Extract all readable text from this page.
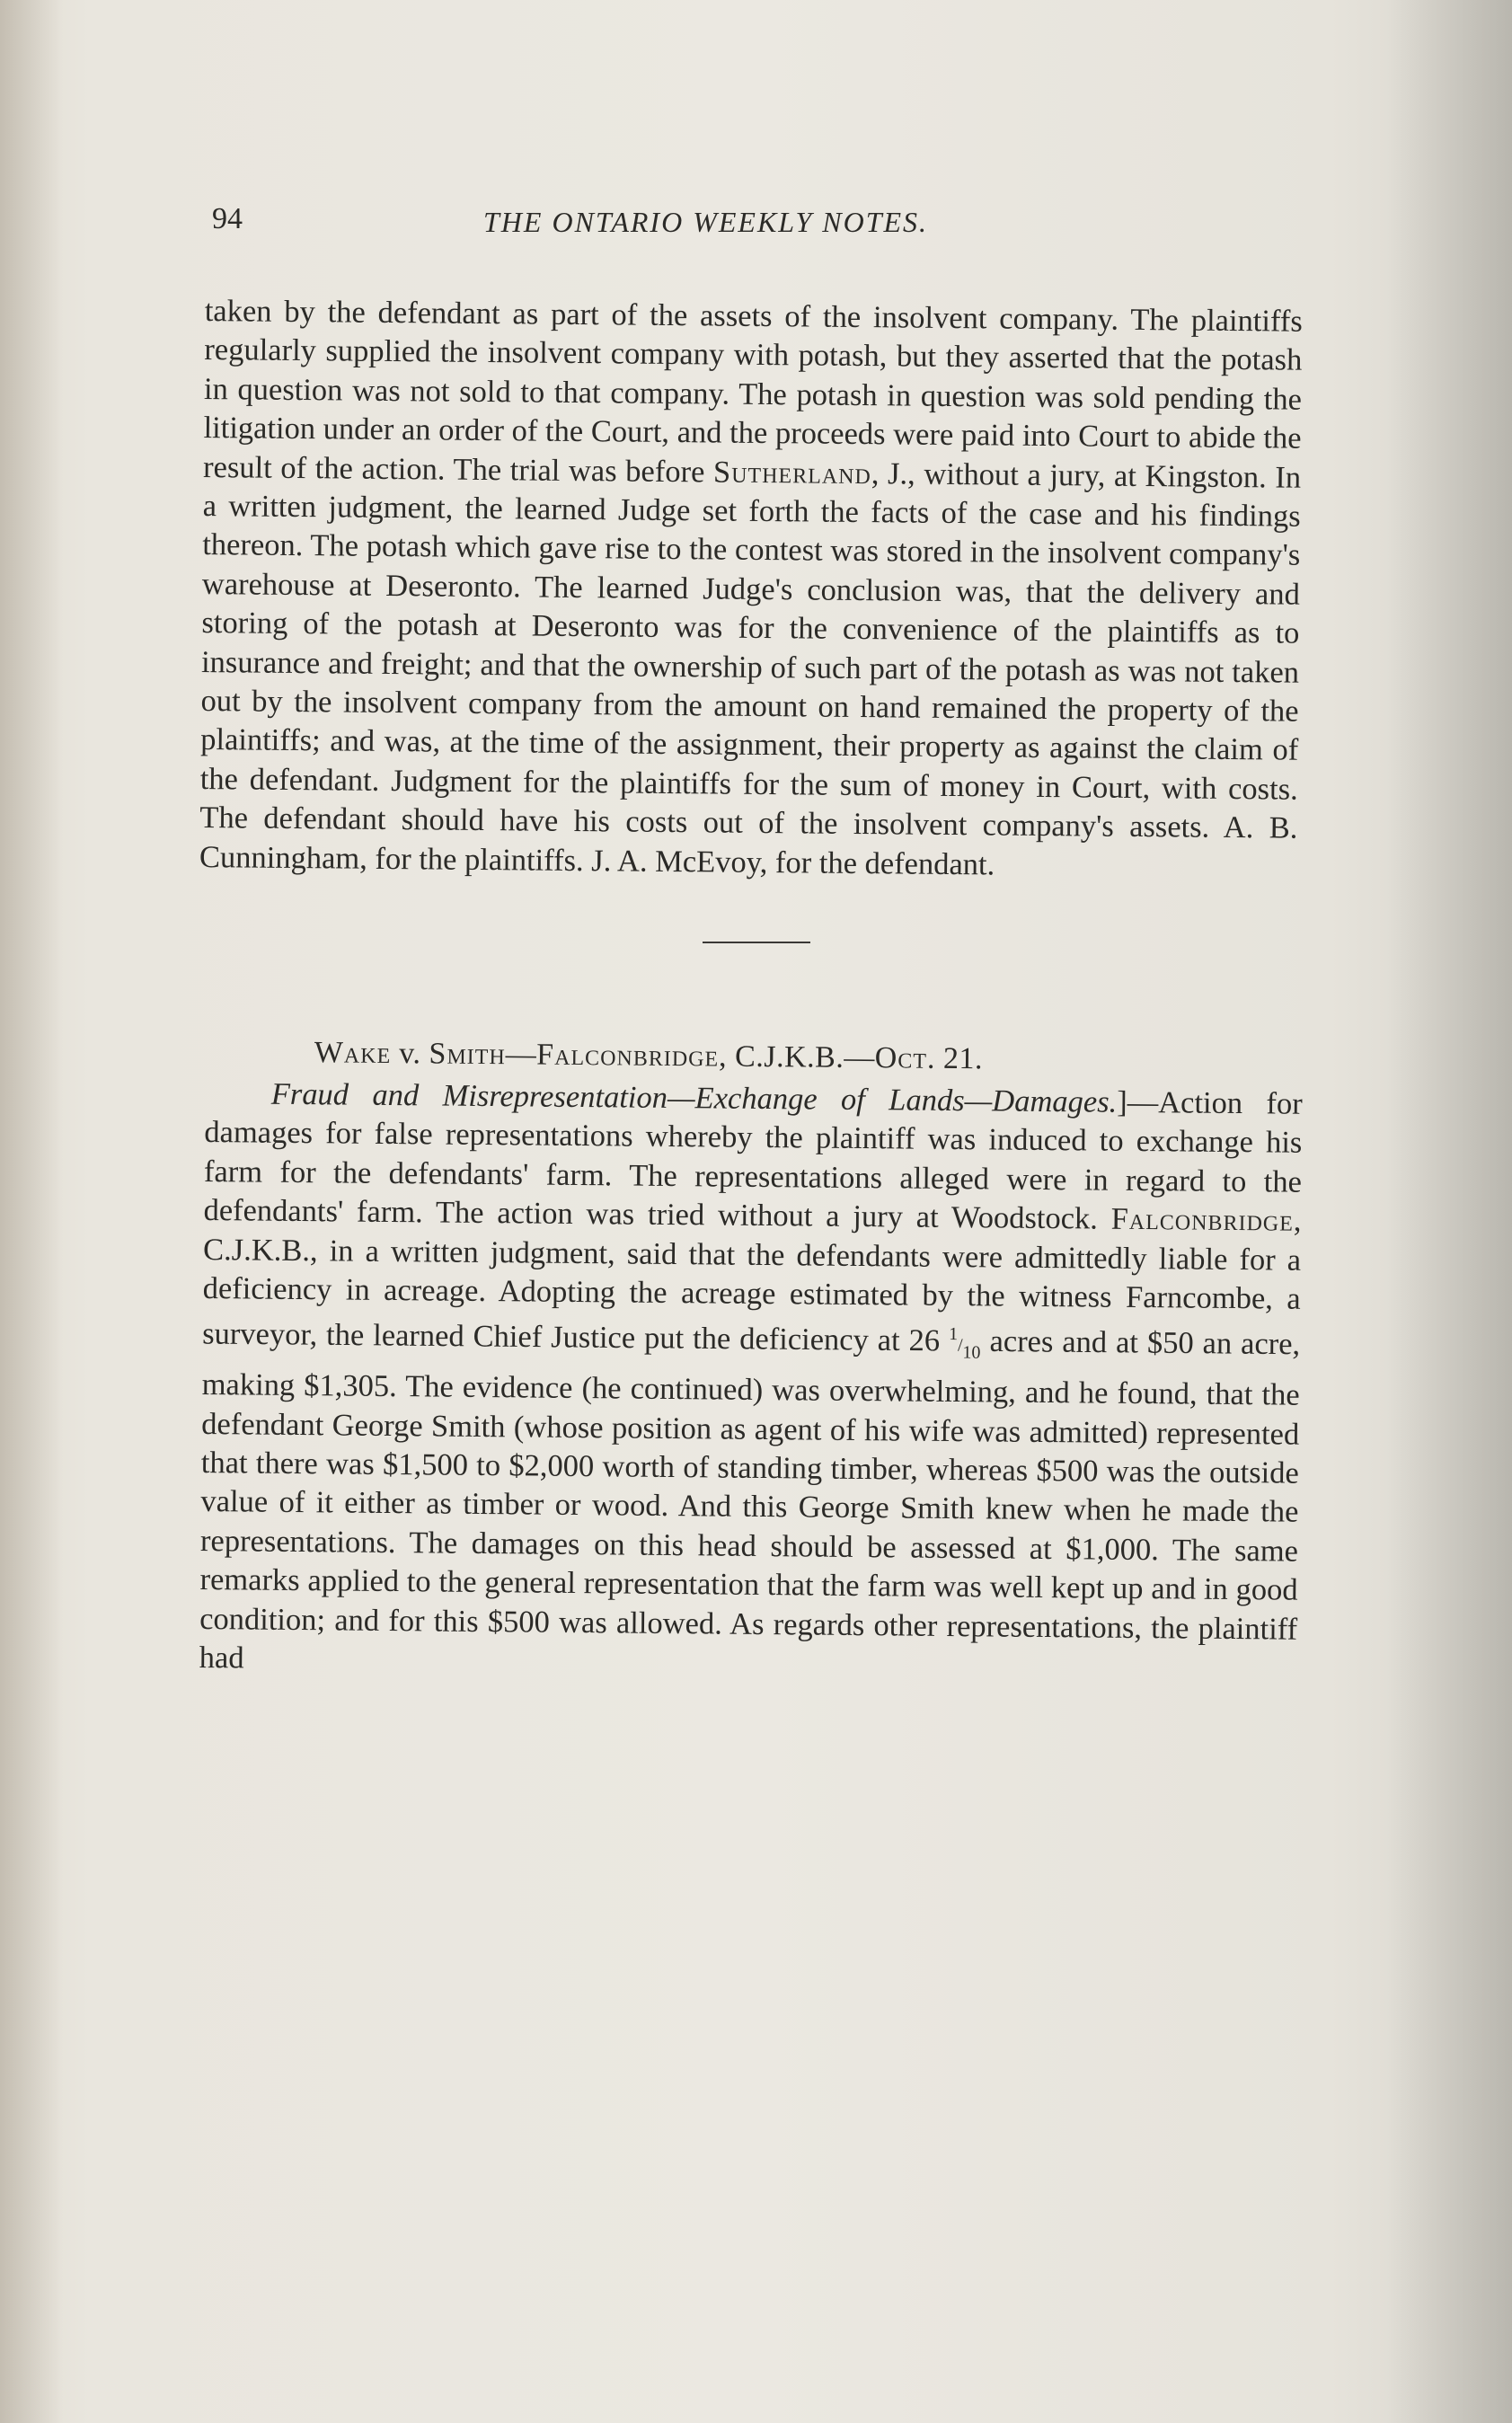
94	THE ONTARIO WEEKLY NOTES.

taken by the defendant as part of the assets of the insolvent company. The plaintiffs regularly supplied the insolvent company with potash, but they asserted that the potash in question was not sold to that company. The potash in question was sold pending the litigation under an order of the Court, and the proceeds were paid into Court to abide the result of the action. The trial was before Sutherland, J., without a jury, at Kingston. In a written judgment, the learned Judge set forth the facts of the case and his findings thereon. The potash which gave rise to the contest was stored in the insolvent company's warehouse at Deseronto. The learned Judge's conclusion was, that the delivery and storing of the potash at Deseronto was for the convenience of the plaintiffs as to insurance and freight; and that the ownership of such part of the potash as was not taken out by the insolvent company from the amount on hand remained the property of the plaintiffs; and was, at the time of the assignment, their property as against the claim of the defendant. Judgment for the plaintiffs for the sum of money in Court, with costs. The defendant should have his costs out of the insolvent company's assets. A. B. Cunningham, for the plaintiffs. J. A. McEvoy, for the defendant.

Wake v. Smith—Falconbridge, C.J.K.B.—Oct. 21.

Fraud and Misrepresentation—Exchange of Lands—Damages.]—Action for damages for false representations whereby the plaintiff was induced to exchange his farm for the defendants' farm. The representations alleged were in regard to the defendants' farm. The action was tried without a jury at Woodstock. Falconbridge, C.J.K.B., in a written judgment, said that the defendants were admittedly liable for a deficiency in acreage. Adopting the acreage estimated by the witness Farncombe, a surveyor, the learned Chief Justice put the deficiency at 26 $^1/_{10}$ acres and at $50 an acre, making $1,305. The evidence (he continued) was overwhelming, and he found, that the defendant George Smith (whose position as agent of his wife was admitted) represented that there was $1,500 to $2,000 worth of standing timber, whereas $500 was the outside value of it either as timber or wood. And this George Smith knew when he made the representations. The damages on this head should be assessed at $1,000. The same remarks applied to the general representation that the farm was well kept up and in good condition; and for this $500 was allowed. As regards other representations, the plaintiff had
